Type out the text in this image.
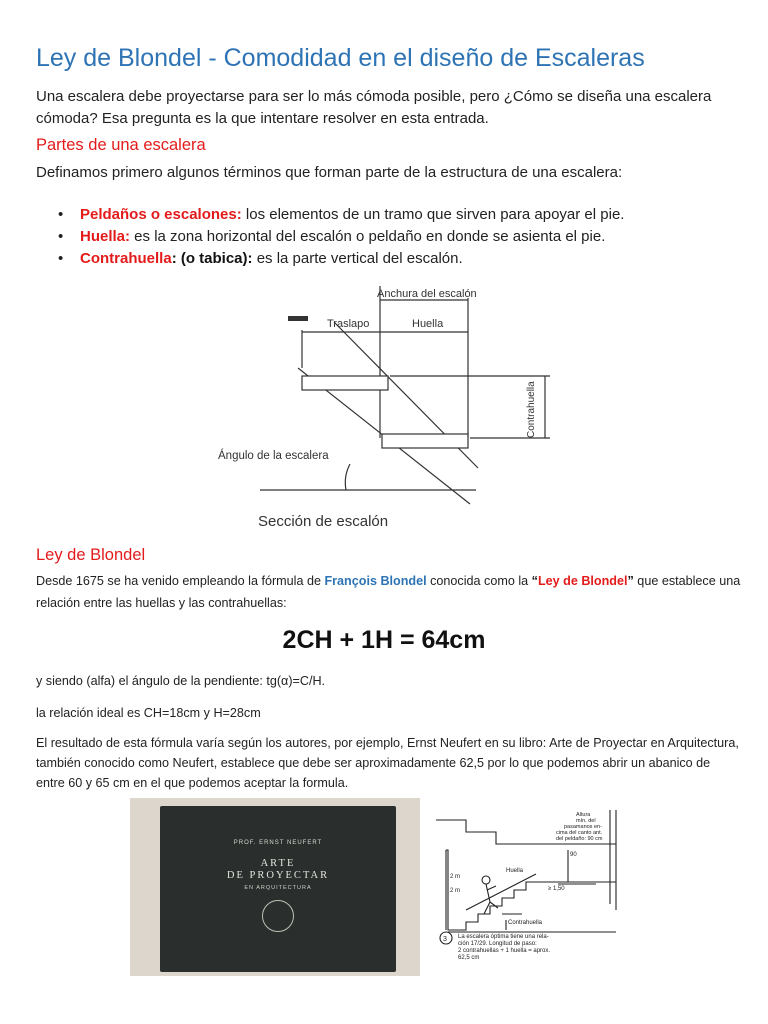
Ley de Blondel - Comodidad en el diseño de Escaleras
Una escalera debe proyectarse para ser lo más cómoda posible, pero ¿Cómo se diseña una escalera
cómoda? Esa pregunta es la que intentare resolver en esta entrada.
Partes de una escalera
Definamos primero algunos términos que forman parte de la estructura de una escalera:
• Peldaños o escalones: los elementos de un tramo que sirven para apoyar el pie.
• Huella: es la zona horizontal del escalón o peldaño en donde se asienta el pie.
• Contrahuella: (o tabica): es la parte vertical del escalón.
Anchura del escalón
Traslapo	Huella
Contrahuella
Ángulo de la escalera
Sección de escalón
Ley de Blondel
Desde 1675 se ha venido empleando la fórmula de François Blondel conocida como la “Ley de Blondel” que establece una
relación entre las huellas y las contrahuellas:
2CH + 1H = 64cm
y siendo (alfa) el ángulo de la pendiente: tg(α)=C/H.
la relación ideal es CH=18cm y H=28cm
El resultado de esta fórmula varía según los autores, por ejemplo, Ernst Neufert en su libro: Arte de Proyectar en Arquitectura,
también conocido como Neufert, establece que debe ser aproximadamente 62,5 por lo que podemos abrir un abanico de
entre 60 y 65 cm en el que podemos aceptar la formula.
PROF. ERNST NEUFERT
ARTE
DE PROYECTAR
EN ARQUITECTURA
Altura
mín. del
pasamanos en-
cima del canto ant.
del peldaño: 90 cm
Huella
90
2 m
≥ 1,50
2 m
Contrahuella
3 La escalera óptima tiene una rela-
ción 17/29. Longitud de paso:
2 contrahuellas + 1 huella = aprox.
62,5 cm
